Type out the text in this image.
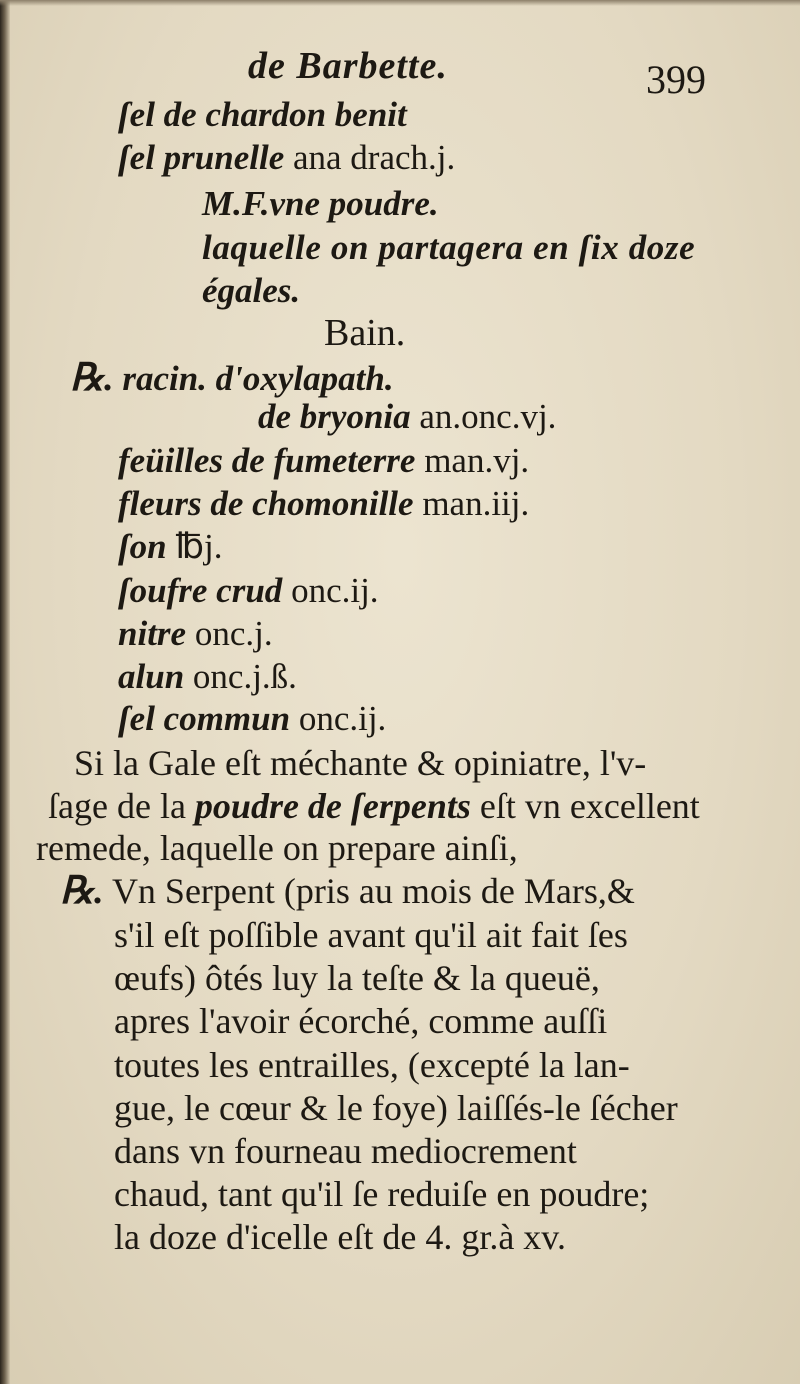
de Barbette.	399
ſel de chardon benit
ſel prunelle ana drach.j.
M.F.vne poudre.
laquelle on partagera en ſix doze
égales.
Bain.
℞. racin. d'oxylapath.
de bryonia an.onc.vj.
feüilles de fumeterre man.vj.
fleurs de chomonille man.iij.
ſon ℔j.
ſoufre crud onc.ij.
nitre onc.j.
alun onc.j.ß.
ſel commun onc.ij.
Si la Gale eſt méchante & opiniatre, l'v-
ſage de la poudre de ſerpents eſt vn excellent
remede, laquelle on prepare ainſi,
℞. Vn Serpent (pris au mois de Mars,&
s'il eſt poſſible avant qu'il ait fait ſes
œufs) ôtés luy la teſte & la queuë,
apres l'avoir écorché, comme auſſi
toutes les entrailles, (excepté la lan-
gue, le cœur & le foye) laiſſés-le ſécher
dans vn fourneau mediocrement
chaud, tant qu'il ſe reduiſe en poudre;
la doze d'icelle eſt de 4. gr.à xv.
